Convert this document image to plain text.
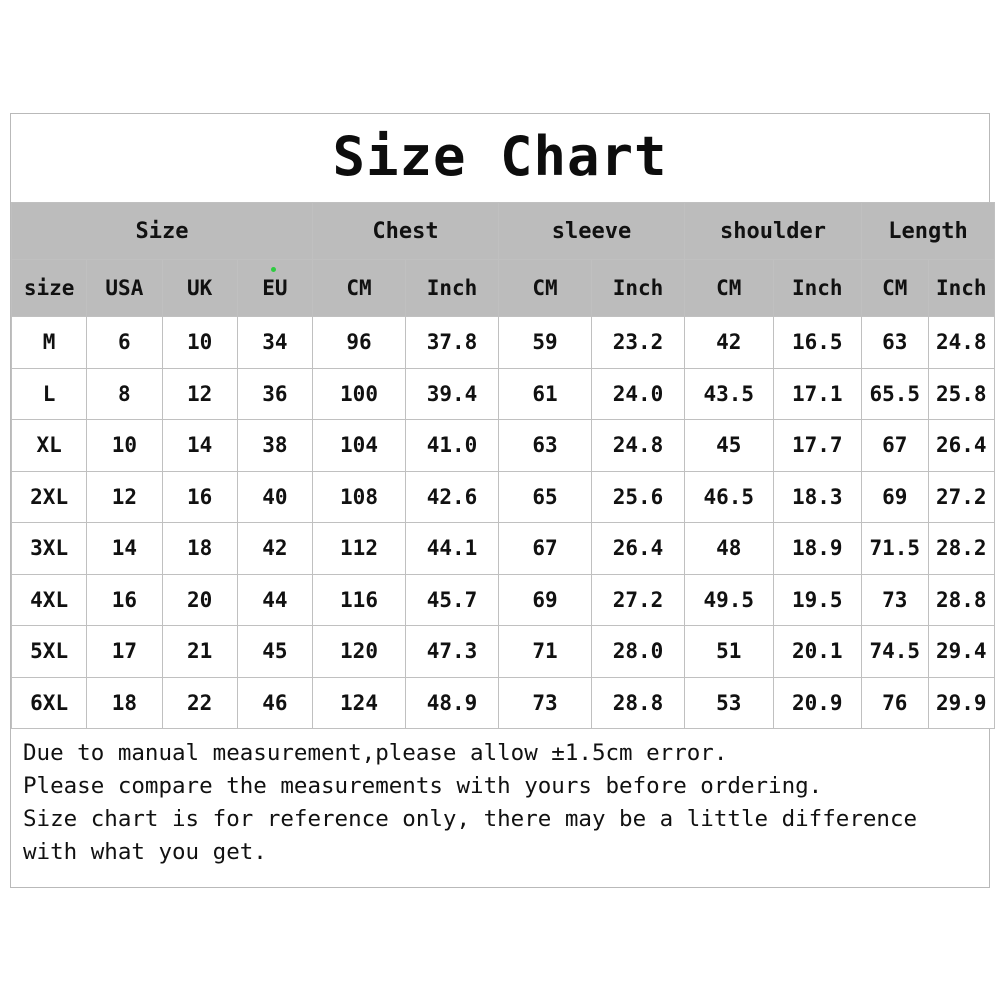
Size Chart
Size				Chest		sleeve		shoulder		Length	
size	USA	UK	EU	CM	Inch	CM	Inch	CM	Inch	CM	Inch
M	6	10	34	96	37.8	59	23.2	42	16.5	63	24.8
L	8	12	36	100	39.4	61	24.0	43.5	17.1	65.5	25.8
XL	10	14	38	104	41.0	63	24.8	45	17.7	67	26.4
2XL	12	16	40	108	42.6	65	25.6	46.5	18.3	69	27.2
3XL	14	18	42	112	44.1	67	26.4	48	18.9	71.5	28.2
4XL	16	20	44	116	45.7	69	27.2	49.5	19.5	73	28.8
5XL	17	21	45	120	47.3	71	28.0	51	20.1	74.5	29.4
6XL	18	22	46	124	48.9	73	28.8	53	20.9	76	29.9

Due to manual measurement,please allow ±1.5cm error.

Please compare the measurements with yours before ordering.

Size chart is for reference only, there may be a little difference

with what you get.
